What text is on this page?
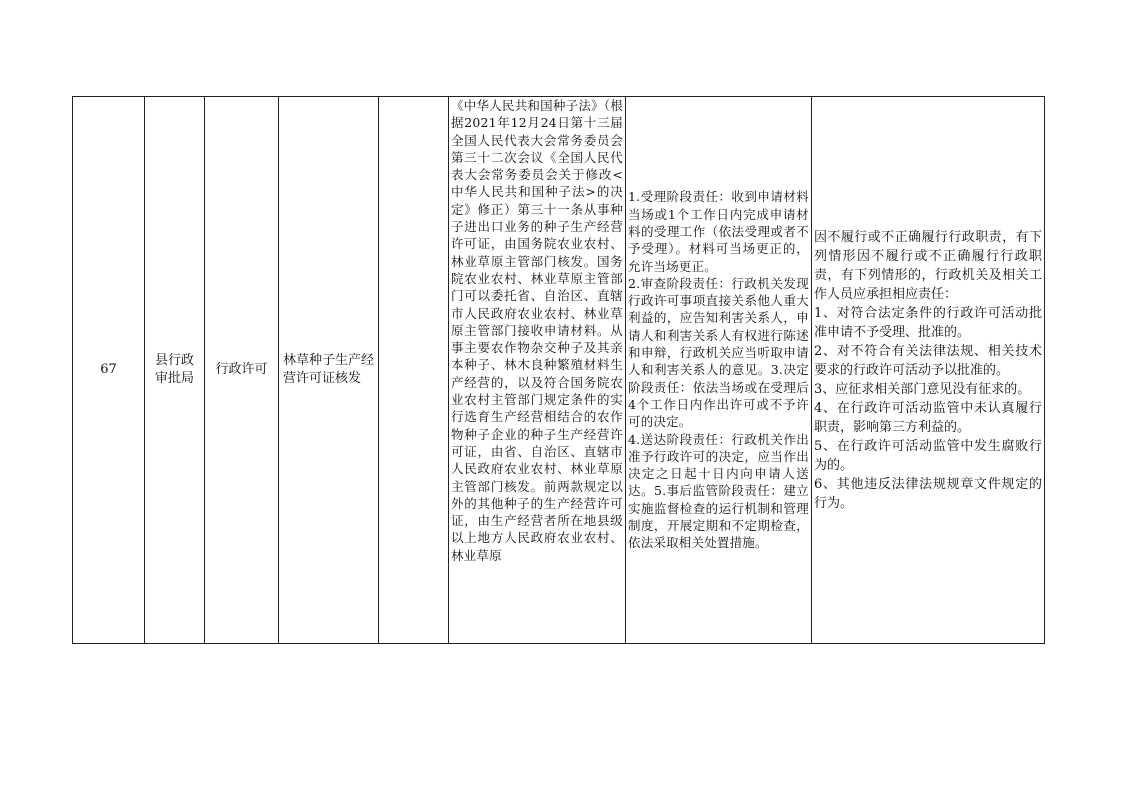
67
县行政审批局
行政许可
林草种子生产经营许可证核发
《中华人民共和国种子法》（根据2021年12月24日第十三届全国人民代表大会常务委员会第三十二次会议《全国人民代表大会常务委员会关于修改<中华人民共和国种子法>的决定》修正）第三十一条从事种子进出口业务的种子生产经营许可证，由国务院农业农村、林业草原主管部门核发。国务院农业农村、林业草原主管部门可以委托省、自治区、直辖市人民政府农业农村、林业草原主管部门接收申请材料。从事主要农作物杂交种子及其亲本种子、林木良种繁殖材料生产经营的，以及符合国务院农业农村主管部门规定条件的实行选育生产经营相结合的农作物种子企业的种子生产经营许可证，由省、自治区、直辖市人民政府农业农村、林业草原主管部门核发。前两款规定以外的其他种子的生产经营许可证，由生产经营者所在地县级以上地方人民政府农业农村、林业草原
1.受理阶段责任：收到申请材料当场或1个工作日内完成申请材料的受理工作（依法受理或者不予受理）。材料可当场更正的，允许当场更正。
2.审查阶段责任：行政机关发现行政许可事项直接关系他人重大利益的，应告知利害关系人，申请人和利害关系人有权进行陈述和申辩，行政机关应当听取申请人和利害关系人的意见。3.决定阶段责任：依法当场或在受理后4个工作日内作出许可或不予许可的决定。
4.送达阶段责任：行政机关作出准予行政许可的决定，应当作出决定之日起十日内向申请人送达。5.事后监管阶段责任：建立实施监督检查的运行机制和管理制度，开展定期和不定期检查，依法采取相关处置措施。
因不履行或不正确履行行政职责，有下列情形因不履行或不正确履行行政职责，有下列情形的，行政机关及相关工作人员应承担相应责任：
1、对符合法定条件的行政许可活动批准申请不予受理、批准的。
2、对不符合有关法律法规、相关技术要求的行政许可活动予以批准的。
3、应征求相关部门意见没有征求的。
4、在行政许可活动监管中未认真履行职责，影响第三方利益的。
5、在行政许可活动监管中发生腐败行为的。
6、其他违反法律法规规章文件规定的行为。
